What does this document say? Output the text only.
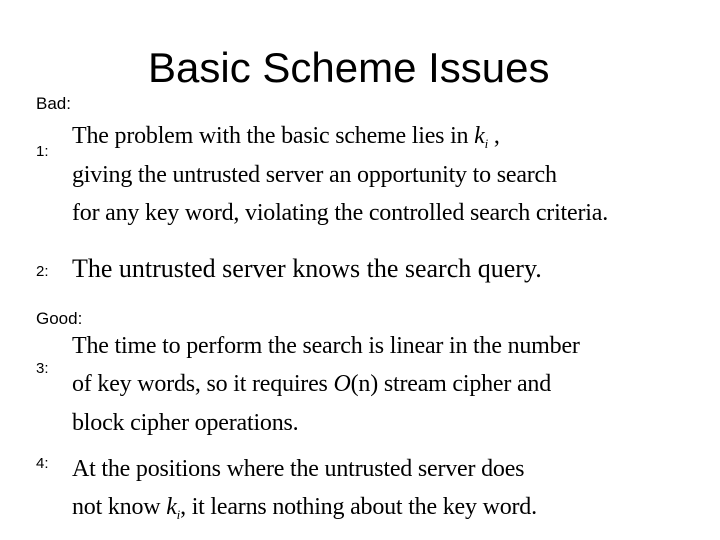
Basic Scheme Issues
Bad:
1:
The problem with the basic scheme lies in $k_i$ ,
giving the untrusted server an opportunity to search
for any key word, violating the controlled search criteria.
2: The untrusted server knows the search query.
Good:
3:
The time to perform the search is linear in the number
of key words, so it requires O(n) stream cipher and
block cipher operations.
4: At the positions where the untrusted server does
not know $k_i$, it learns nothing about the key word.
